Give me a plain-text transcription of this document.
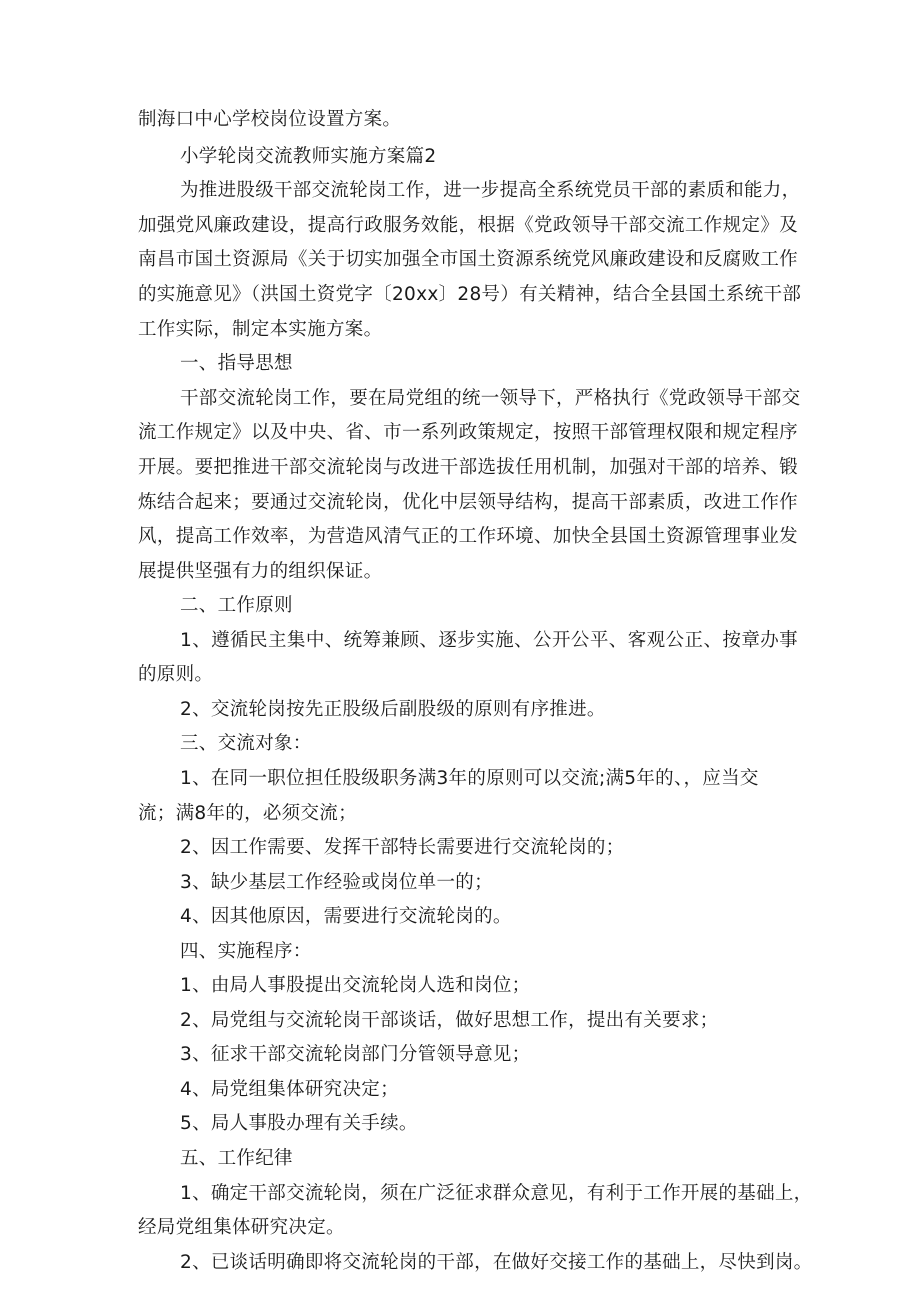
制海口中心学校岗位设置方案。
小学轮岗交流教师实施方案篇2
为推进股级干部交流轮岗工作，进一步提高全系统党员干部的素质和能力，
加强党风廉政建设，提高行政服务效能，根据《党政领导干部交流工作规定》及
南昌市国土资源局《关于切实加强全市国土资源系统党风廉政建设和反腐败工作
的实施意见》（洪国土资党字〔20xx〕28号）有关精神，结合全县国土系统干部
工作实际，制定本实施方案。
一、指导思想
干部交流轮岗工作，要在局党组的统一领导下，严格执行《党政领导干部交
流工作规定》以及中央、省、市一系列政策规定，按照干部管理权限和规定程序
开展。要把推进干部交流轮岗与改进干部选拔任用机制，加强对干部的培养、锻
炼结合起来；要通过交流轮岗，优化中层领导结构，提高干部素质，改进工作作
风，提高工作效率，为营造风清气正的工作环境、加快全县国土资源管理事业发
展提供坚强有力的组织保证。
二、工作原则
1、遵循民主集中、统筹兼顾、逐步实施、公开公平、客观公正、按章办事
的原则。
2、交流轮岗按先正股级后副股级的原则有序推进。
三、交流对象：
1、在同一职位担任股级职务满3年的原则可以交流;满5年的、，应当交
流；满8年的，必须交流；
2、因工作需要、发挥干部特长需要进行交流轮岗的；
3、缺少基层工作经验或岗位单一的；
4、因其他原因，需要进行交流轮岗的。
四、实施程序：
1、由局人事股提出交流轮岗人选和岗位；
2、局党组与交流轮岗干部谈话，做好思想工作，提出有关要求；
3、征求干部交流轮岗部门分管领导意见；
4、局党组集体研究决定；
5、局人事股办理有关手续。
五、工作纪律
1、确定干部交流轮岗，须在广泛征求群众意见，有利于工作开展的基础上，
经局党组集体研究决定。
2、已谈话明确即将交流轮岗的干部，在做好交接工作的基础上，尽快到岗。
